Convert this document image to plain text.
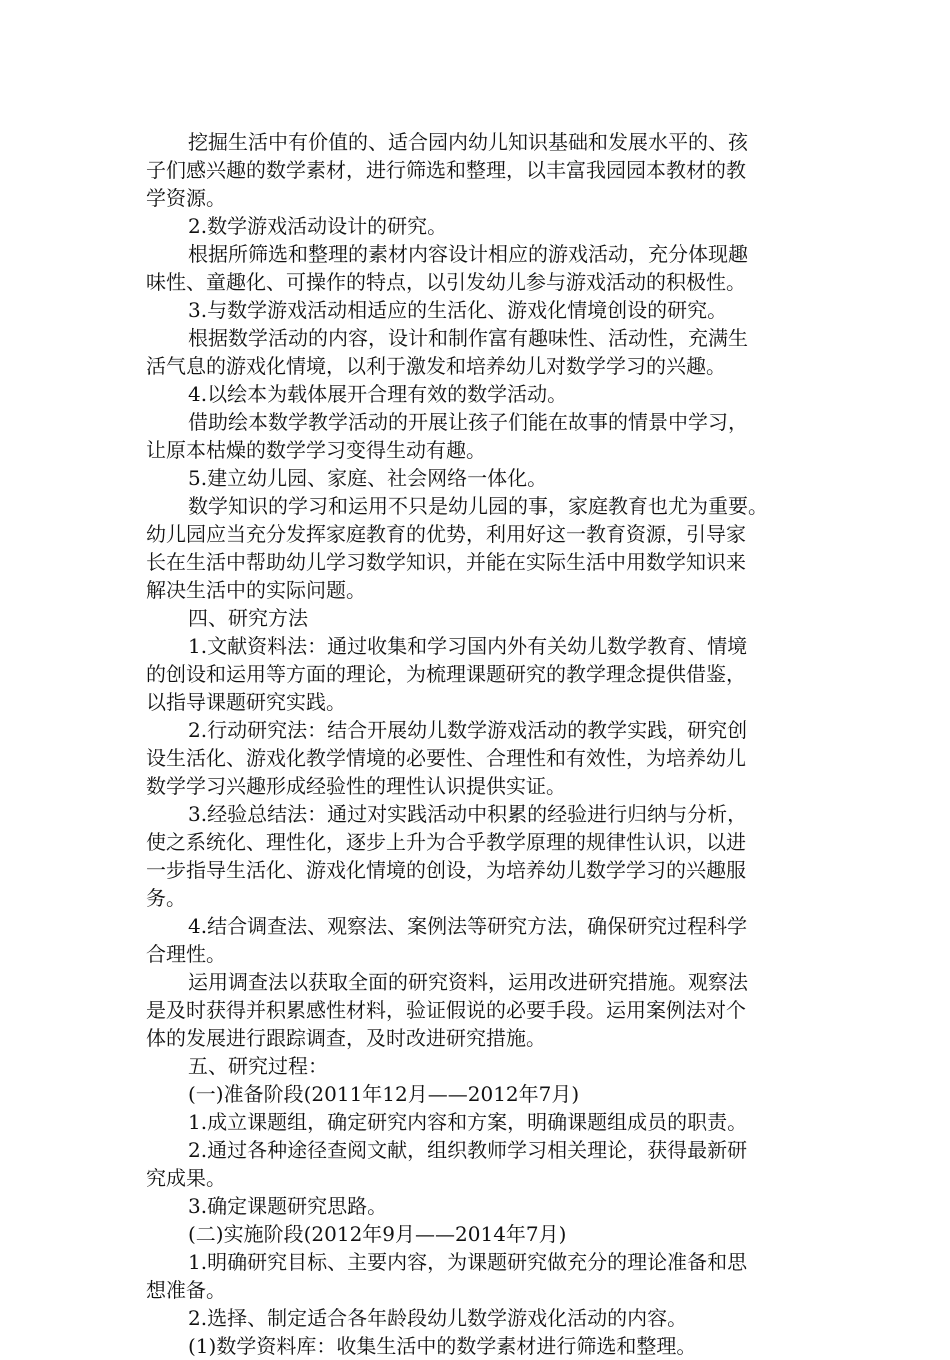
挖掘生活中有价值的、适合园内幼儿知识基础和发展水平的、孩
子们感兴趣的数学素材，进行筛选和整理，以丰富我园园本教材的教
学资源。
2.数学游戏活动设计的研究。
根据所筛选和整理的素材内容设计相应的游戏活动，充分体现趣
味性、童趣化、可操作的特点，以引发幼儿参与游戏活动的积极性。
3.与数学游戏活动相适应的生活化、游戏化情境创设的研究。
根据数学活动的内容，设计和制作富有趣味性、活动性，充满生
活气息的游戏化情境，以利于激发和培养幼儿对数学学习的兴趣。
4.以绘本为载体展开合理有效的数学活动。
借助绘本数学教学活动的开展让孩子们能在故事的情景中学习，
让原本枯燥的数学学习变得生动有趣。
5.建立幼儿园、家庭、社会网络一体化。
数学知识的学习和运用不只是幼儿园的事，家庭教育也尤为重要。
幼儿园应当充分发挥家庭教育的优势，利用好这一教育资源，引导家
长在生活中帮助幼儿学习数学知识，并能在实际生活中用数学知识来
解决生活中的实际问题。
四、研究方法
1.文献资料法：通过收集和学习国内外有关幼儿数学教育、情境
的创设和运用等方面的理论，为梳理课题研究的教学理念提供借鉴，
以指导课题研究实践。
2.行动研究法：结合开展幼儿数学游戏活动的教学实践，研究创
设生活化、游戏化教学情境的必要性、合理性和有效性，为培养幼儿
数学学习兴趣形成经验性的理性认识提供实证。
3.经验总结法：通过对实践活动中积累的经验进行归纳与分析，
使之系统化、理性化，逐步上升为合乎教学原理的规律性认识，以进
一步指导生活化、游戏化情境的创设，为培养幼儿数学学习的兴趣服
务。
4.结合调查法、观察法、案例法等研究方法，确保研究过程科学
合理性。
运用调查法以获取全面的研究资料，运用改进研究措施。观察法
是及时获得并积累感性材料，验证假说的必要手段。运用案例法对个
体的发展进行跟踪调查，及时改进研究措施。
五、研究过程：
(一)准备阶段(2011年12月——2012年7月)
1.成立课题组，确定研究内容和方案，明确课题组成员的职责。
2.通过各种途径查阅文献，组织教师学习相关理论，获得最新研
究成果。
3.确定课题研究思路。
(二)实施阶段(2012年9月——2014年7月)
1.明确研究目标、主要内容，为课题研究做充分的理论准备和思
想准备。
2.选择、制定适合各年龄段幼儿数学游戏化活动的内容。
(1)数学资料库：收集生活中的数学素材进行筛选和整理。
